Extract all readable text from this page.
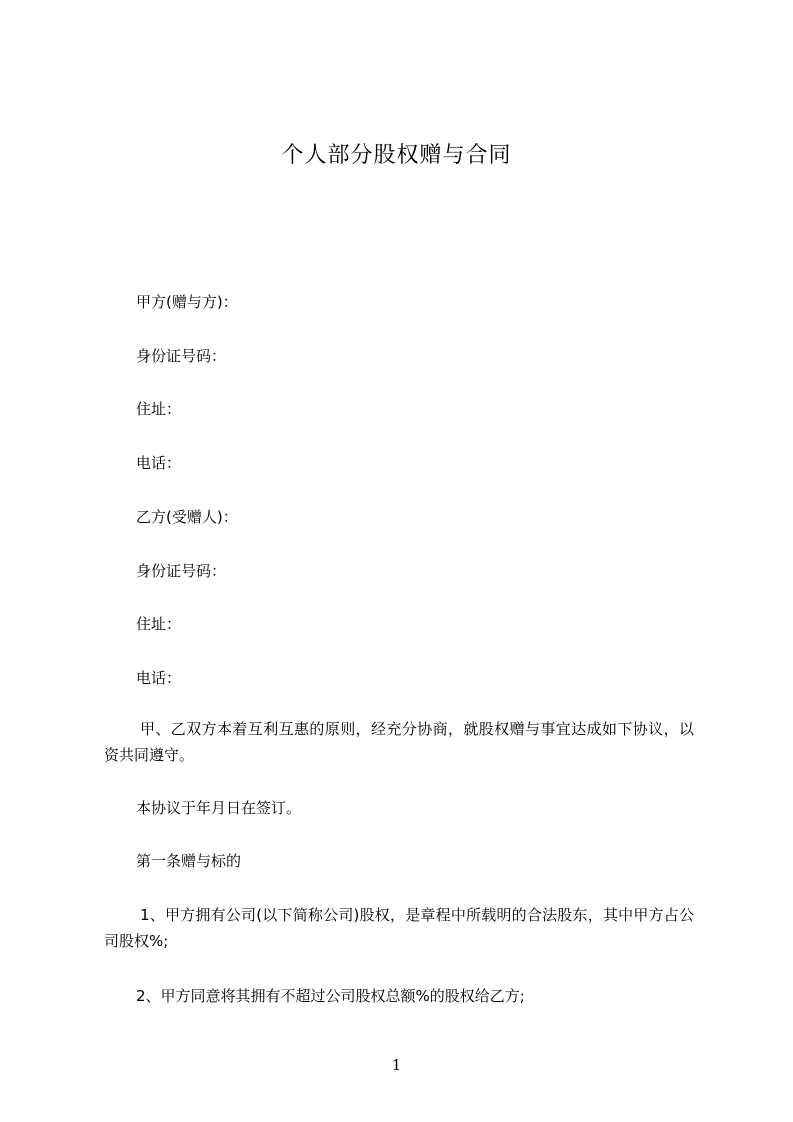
个人部分股权赠与合同
甲方(赠与方)：
身份证号码：
住址：
电话：
乙方(受赠人)：
身份证号码：
住址：
电话：
甲、乙双方本着互利互惠的原则，经充分协商，就股权赠与事宜达成如下协议，以资共同遵守。
本协议于年月日在签订。
第一条赠与标的
1、甲方拥有公司(以下简称公司)股权，是章程中所载明的合法股东，其中甲方占公司股权%;
2、甲方同意将其拥有不超过公司股权总额%的股权给乙方;
1
